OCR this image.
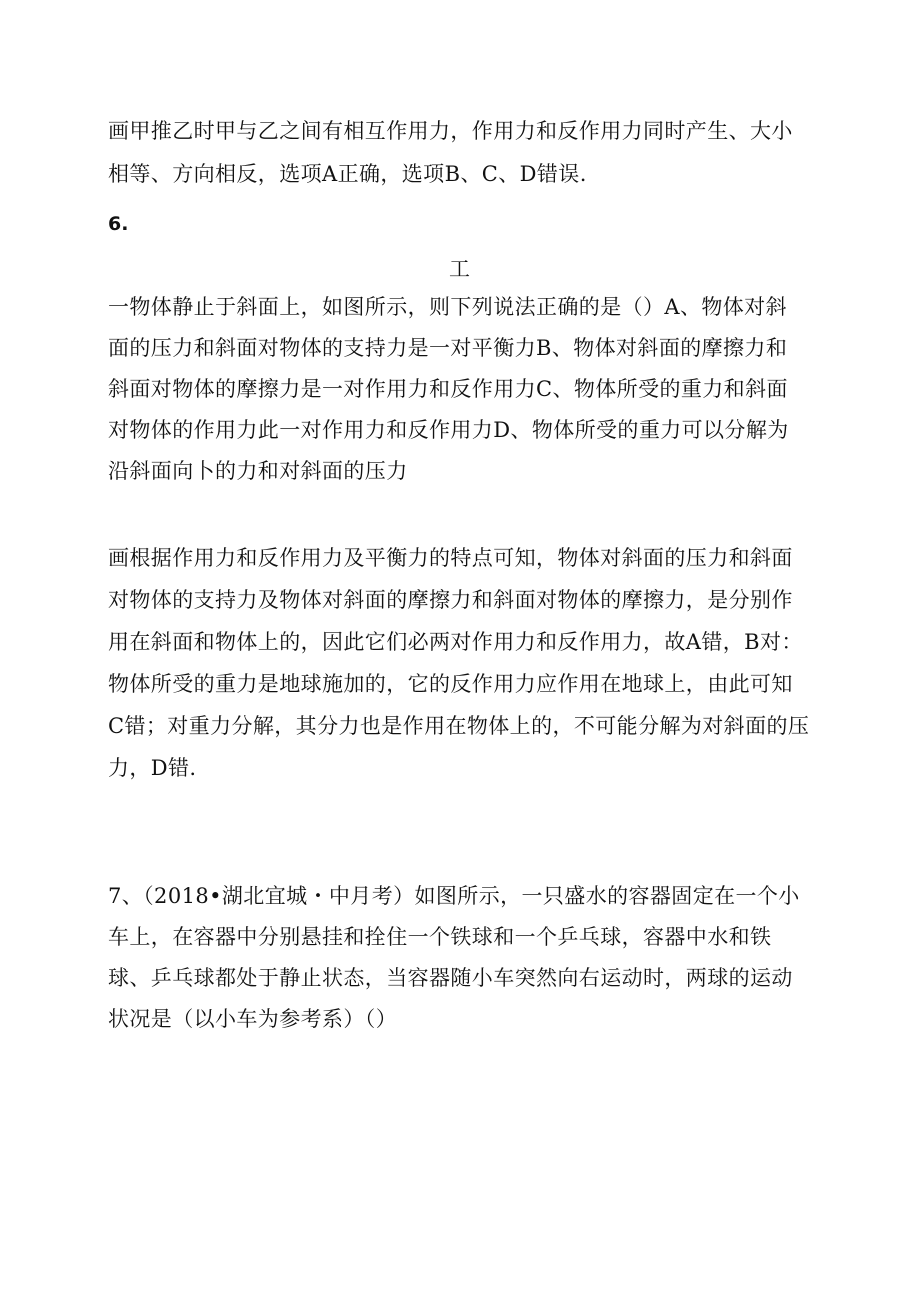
画甲推乙时甲与乙之间有相互作用力，作用力和反作用力同时产生、大小
相等、方向相反，选项A正确，选项B、C、D错误.
6.
工
一物体静止于斜面上，如图所示，则下列说法正确的是（）A、物体对斜
面的压力和斜面对物体的支持力是一对平衡力B、物体对斜面的摩擦力和
斜面对物体的摩擦力是一对作用力和反作用力C、物体所受的重力和斜面
对物体的作用力此一对作用力和反作用力D、物体所受的重力可以分解为
沿斜面向卜的力和对斜面的压力
画根据作用力和反作用力及平衡力的特点可知，物体对斜面的压力和斜面
对物体的支持力及物体对斜面的摩擦力和斜面对物体的摩擦力，是分别作
用在斜面和物体上的，因此它们必两对作用力和反作用力，故A错，B对：
物体所受的重力是地球施加的，它的反作用力应作用在地球上，由此可知
C错；对重力分解，其分力也是作用在物体上的，不可能分解为对斜面的压
力，D错.
7、（2018•湖北宜城・中月考）如图所示，一只盛水的容器固定在一个小
车上，在容器中分别悬挂和拴住一个铁球和一个乒乓球，容器中水和铁
球、乒乓球都处于静止状态，当容器随小车突然向右运动时，两球的运动
状况是（以小车为参考系）（）
